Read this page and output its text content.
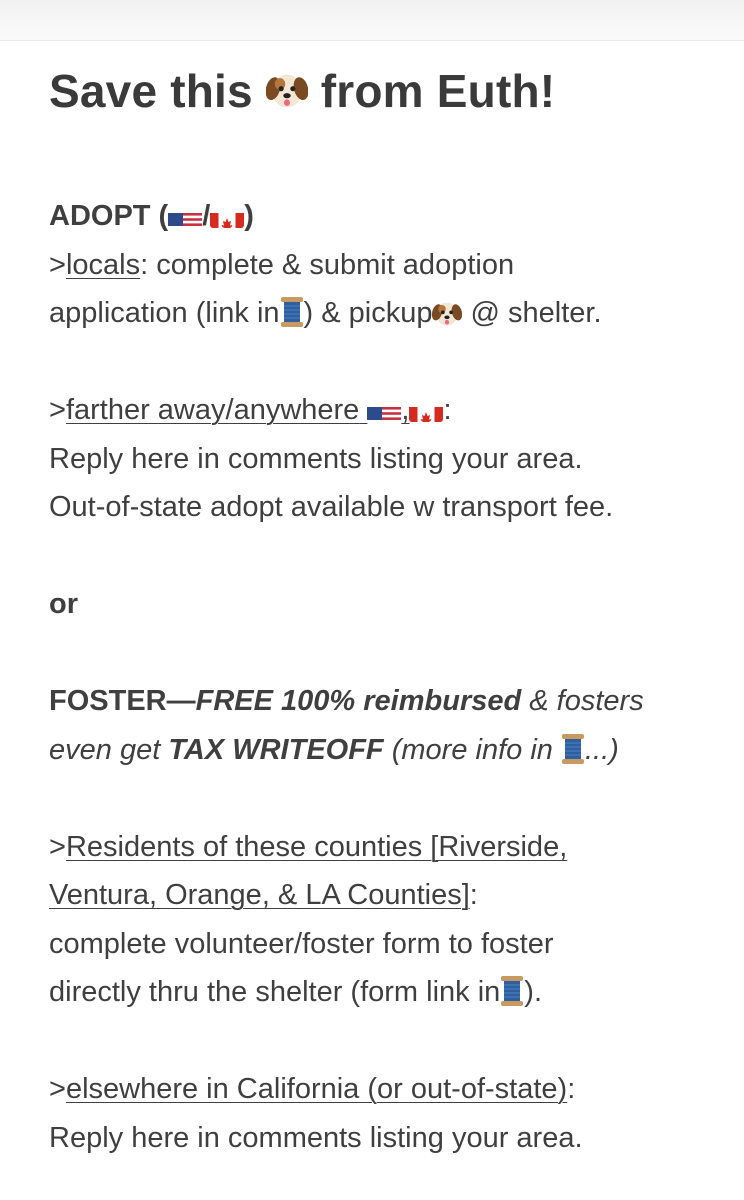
Save this from Euth!
ADOPT ( / )
>locals: complete & submit adoption
application (link in ) & pickup @ shelter.
>farther away/anywhere , :
Reply here in comments listing your area.
Out-of-state adopt available w transport fee.
or
FOSTER—FREE 100% reimbursed & fosters
even get TAX WRITEOFF (more info in ...)
>Residents of these counties [Riverside,
Ventura, Orange, & LA Counties]:
complete volunteer/foster form to foster
directly thru the shelter (form link in ).
>elsewhere in California (or out-of-state):
Reply here in comments listing your area.
